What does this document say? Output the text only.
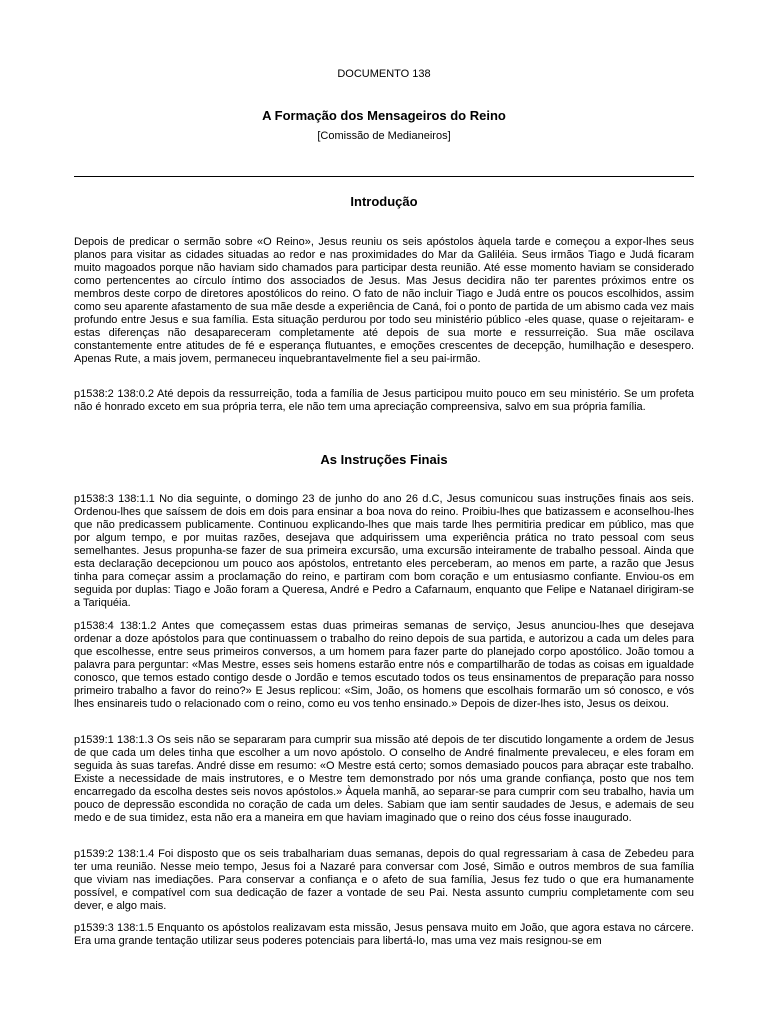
DOCUMENTO 138
A Formação dos Mensageiros do Reino
[Comissão de Medianeiros]
Introdução

Depois de predicar o sermão sobre «O Reino», Jesus reuniu os seis apóstolos àquela tarde e começou a expor-lhes seus planos para visitar as cidades situadas ao redor e nas proximidades do Mar da Galiléia. Seus irmãos Tiago e Judá ficaram muito magoados porque não haviam sido chamados para participar desta reunião. Até esse momento haviam se considerado como pertencentes ao círculo íntimo dos associados de Jesus. Mas Jesus decidira não ter parentes próximos entre os membros deste corpo de diretores apostólicos do reino. O fato de não incluir Tiago e Judá entre os poucos escolhidos, assim como seu aparente afastamento de sua mãe desde a experiência de Caná, foi o ponto de partida de um abismo cada vez mais profundo entre Jesus e sua família. Esta situação perdurou por todo seu ministério público -eles quase, quase o rejeitaram- e estas diferenças não desapareceram completamente até depois de sua morte e ressurreição. Sua mãe oscilava constantemente entre atitudes de fé e esperança flutuantes, e emoções crescentes de decepção, humilhação e desespero. Apenas Rute, a mais jovem, permaneceu inquebrantavelmente fiel a seu pai-irmão.

p1538:2 138:0.2 Até depois da ressurreição, toda a família de Jesus participou muito pouco em seu ministério. Se um profeta não é honrado exceto em sua própria terra, ele não tem uma apreciação compreensiva, salvo em sua própria família.

As Instruções Finais

p1538:3 138:1.1 No dia seguinte, o domingo 23 de junho do ano 26 d.C, Jesus comunicou suas instruções finais aos seis. Ordenou-lhes que saíssem de dois em dois para ensinar a boa nova do reino. Proibiu-lhes que batizassem e aconselhou-lhes que não predicassem publicamente. Continuou explicando-lhes que mais tarde lhes permitiria predicar em público, mas que por algum tempo, e por muitas razões, desejava que adquirissem uma experiência prática no trato pessoal com seus semelhantes. Jesus propunha-se fazer de sua primeira excursão, uma excursão inteiramente de trabalho pessoal. Ainda que esta declaração decepcionou um pouco aos apóstolos, entretanto eles perceberam, ao menos em parte, a razão que Jesus tinha para começar assim a proclamação do reino, e partiram com bom coração e um entusiasmo confiante. Enviou-os em seguida por duplas: Tiago e João foram a Queresa, André e Pedro a Cafarnaum, enquanto que Felipe e Natanael dirigiram-se a Tariquéia.

p1538:4 138:1.2 Antes que começassem estas duas primeiras semanas de serviço, Jesus anunciou-lhes que desejava ordenar a doze apóstolos para que continuassem o trabalho do reino depois de sua partida, e autorizou a cada um deles para que escolhesse, entre seus primeiros conversos, a um homem para fazer parte do planejado corpo apostólico. João tomou a palavra para perguntar: «Mas Mestre, esses seis homens estarão entre nós e compartilharão de todas as coisas em igualdade conosco, que temos estado contigo desde o Jordão e temos escutado todos os teus ensinamentos de preparação para nosso primeiro trabalho a favor do reino?» E Jesus replicou: «Sim, João, os homens que escolhais formarão um só conosco, e vós lhes ensinareis tudo o relacionado com o reino, como eu vos tenho ensinado.» Depois de dizer-lhes isto, Jesus os deixou.

p1539:1 138:1.3 Os seis não se separaram para cumprir sua missão até depois de ter discutido longamente a ordem de Jesus de que cada um deles tinha que escolher a um novo apóstolo. O conselho de André finalmente prevaleceu, e eles foram em seguida às suas tarefas. André disse em resumo: «O Mestre está certo; somos demasiado poucos para abraçar este trabalho. Existe a necessidade de mais instrutores, e o Mestre tem demonstrado por nós uma grande confiança, posto que nos tem encarregado da escolha destes seis novos apóstolos.» Àquela manhã, ao separar-se para cumprir com seu trabalho, havia um pouco de depressão escondida no coração de cada um deles. Sabiam que iam sentir saudades de Jesus, e ademais de seu medo e de sua timidez, esta não era a maneira em que haviam imaginado que o reino dos céus fosse inaugurado.

p1539:2 138:1.4 Foi disposto que os seis trabalhariam duas semanas, depois do qual regressariam à casa de Zebedeu para ter uma reunião. Nesse meio tempo, Jesus foi a Nazaré para conversar com José, Simão e outros membros de sua família que viviam nas imediações. Para conservar a confiança e o afeto de sua família, Jesus fez tudo o que era humanamente possível, e compatível com sua dedicação de fazer a vontade de seu Pai. Nesta assunto cumpriu completamente com seu dever, e algo mais.

p1539:3 138:1.5 Enquanto os apóstolos realizavam esta missão, Jesus pensava muito em João, que agora estava no cárcere. Era uma grande tentação utilizar seus poderes potenciais para libertá-lo, mas uma vez mais resignou-se em
